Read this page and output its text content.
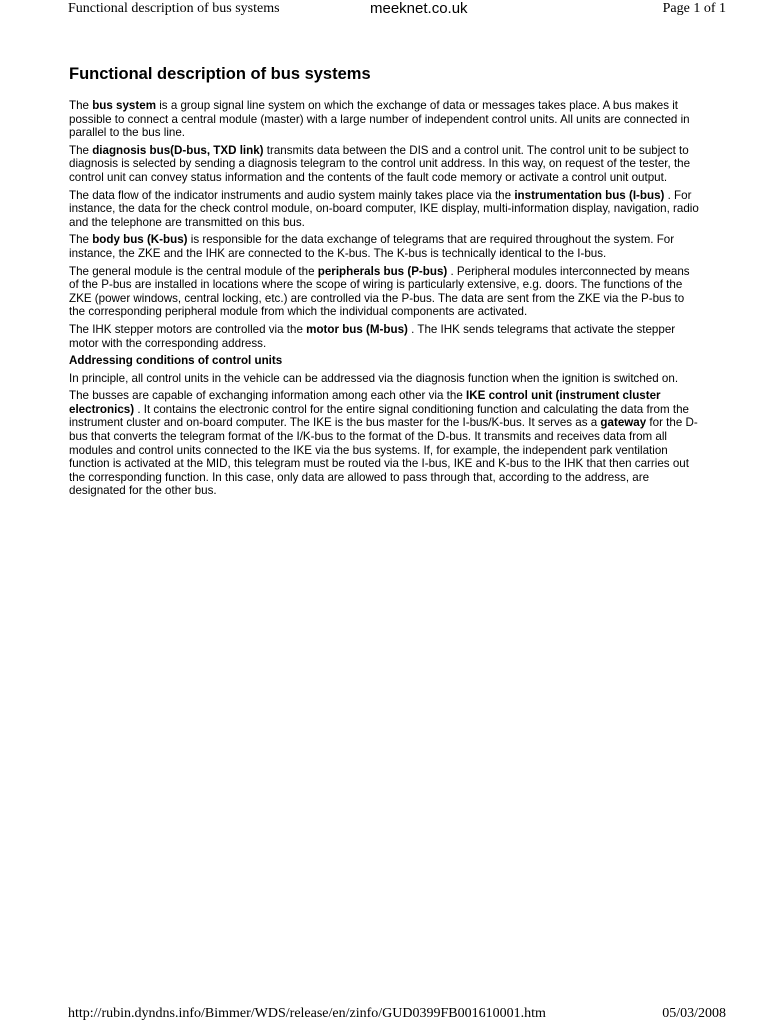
Functional description of bus systems	meeknet.co.uk	Page 1 of 1
Functional description of bus systems
The bus system is a group signal line system on which the exchange of data or messages takes place. A bus makes it possible to connect a central module (master) with a large number of independent control units. All units are connected in parallel to the bus line.
The diagnosis bus(D-bus, TXD link) transmits data between the DIS and a control unit. The control unit to be subject to diagnosis is selected by sending a diagnosis telegram to the control unit address. In this way, on request of the tester, the control unit can convey status information and the contents of the fault code memory or activate a control unit output.
The data flow of the indicator instruments and audio system mainly takes place via the instrumentation bus (I-bus) . For instance, the data for the check control module, on-board computer, IKE display, multi-information display, navigation, radio and the telephone are transmitted on this bus.
The body bus (K-bus) is responsible for the data exchange of telegrams that are required throughout the system. For instance, the ZKE and the IHK are connected to the K-bus. The K-bus is technically identical to the I-bus.
The general module is the central module of the peripherals bus (P-bus) . Peripheral modules interconnected by means of the P-bus are installed in locations where the scope of wiring is particularly extensive, e.g. doors. The functions of the ZKE (power windows, central locking, etc.) are controlled via the P-bus. The data are sent from the ZKE via the P-bus to the corresponding peripheral module from which the individual components are activated.
The IHK stepper motors are controlled via the motor bus (M-bus) . The IHK sends telegrams that activate the stepper motor with the corresponding address.
Addressing conditions of control units
In principle, all control units in the vehicle can be addressed via the diagnosis function when the ignition is switched on.
The busses are capable of exchanging information among each other via the IKE control unit (instrument cluster electronics) . It contains the electronic control for the entire signal conditioning function and calculating the data from the instrument cluster and on-board computer. The IKE is the bus master for the I-bus/K-bus. It serves as a gateway for the D-bus that converts the telegram format of the I/K-bus to the format of the D-bus. It transmits and receives data from all modules and control units connected to the IKE via the bus systems. If, for example, the independent park ventilation function is activated at the MID, this telegram must be routed via the I-bus, IKE and K-bus to the IHK that then carries out the corresponding function. In this case, only data are allowed to pass through that, according to the address, are designated for the other bus.
http://rubin.dyndns.info/Bimmer/WDS/release/en/zinfo/GUD0399FB001610001.htm	05/03/2008
